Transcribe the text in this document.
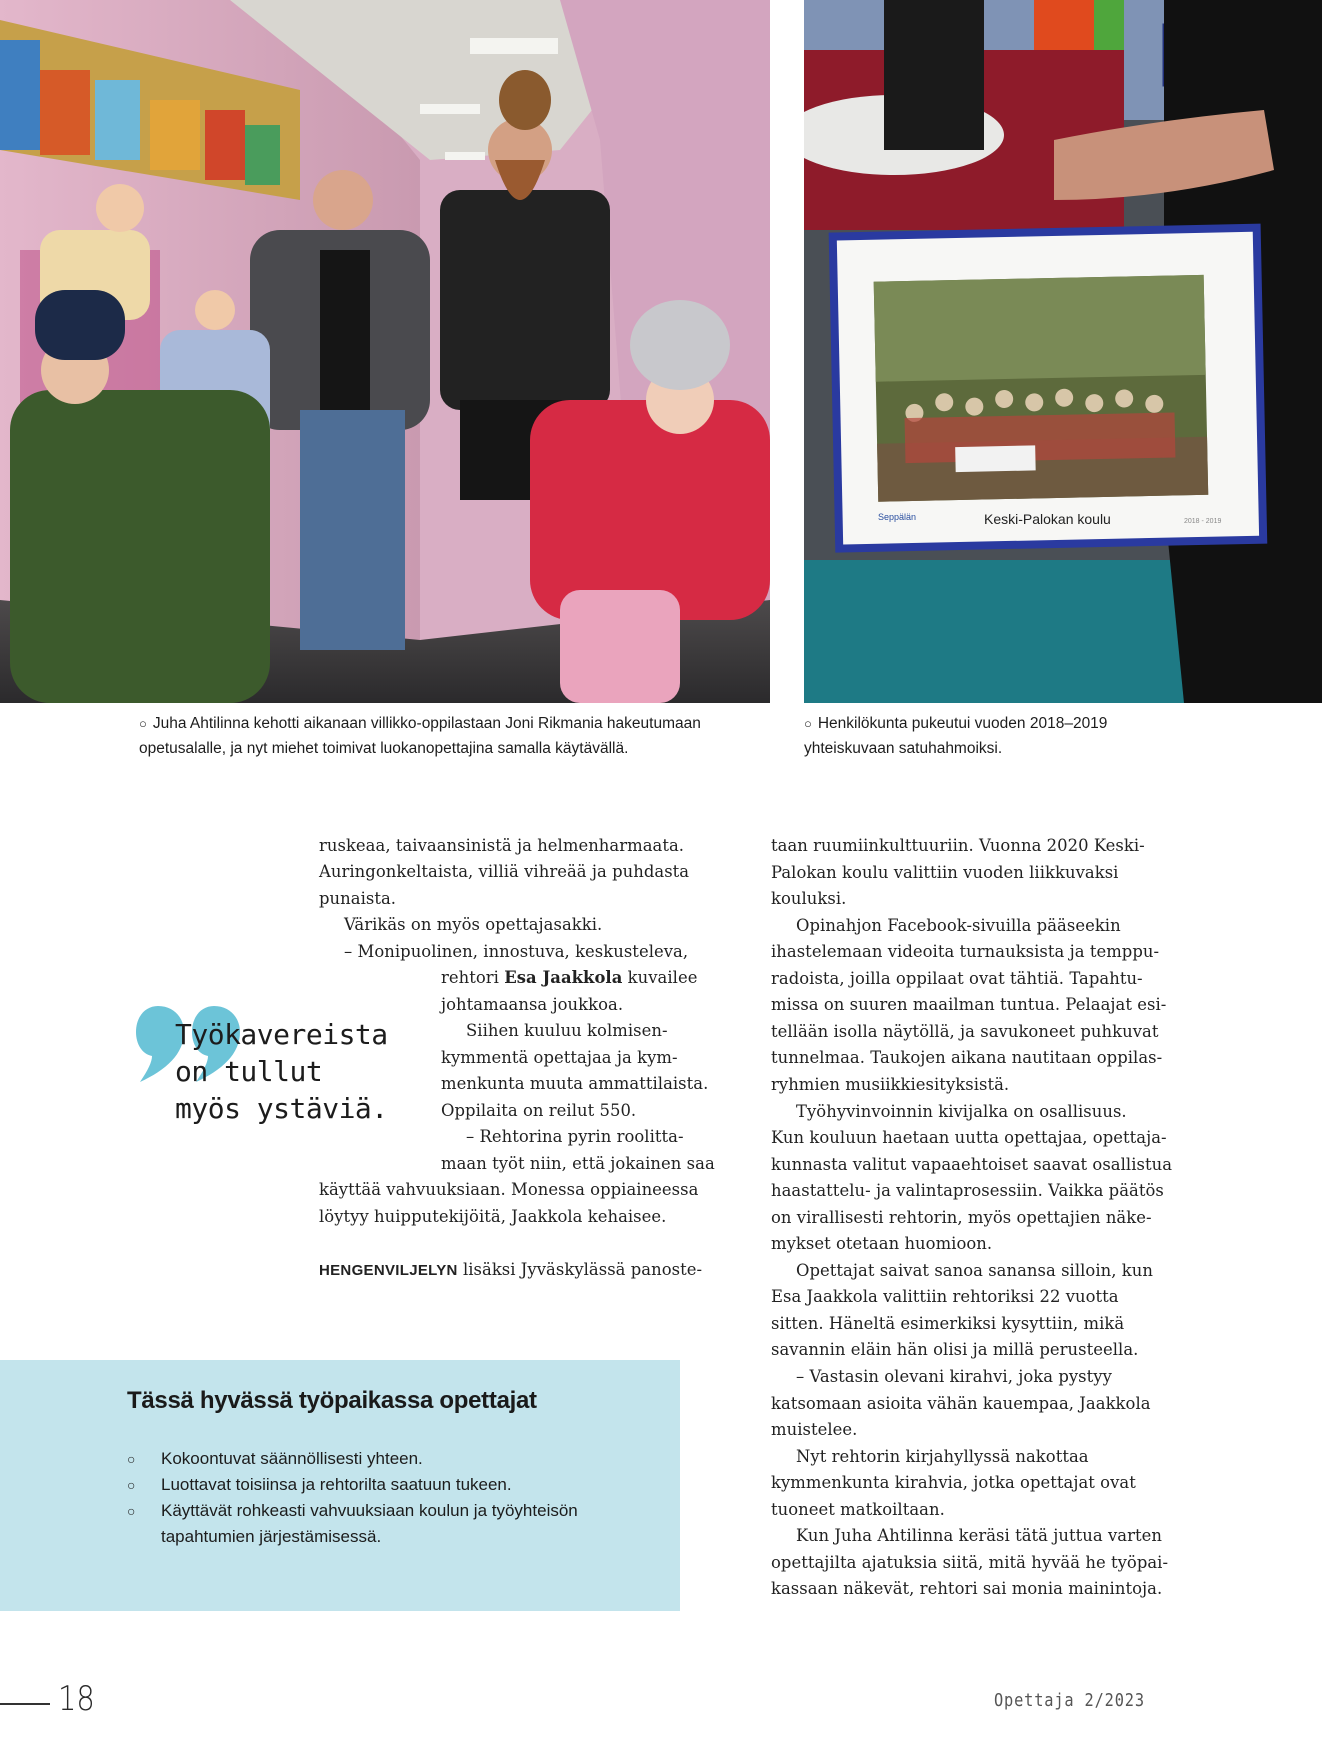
Seppälän	Keski-Palokan koulu	2018 - 2019
○ Juha Ahtilinna kehotti aikanaan villikko-oppilastaan Joni Rikmania hakeutumaan
opetusalalle, ja nyt miehet toimivat luokanopettajina samalla käytävällä.
○ Henkilökunta pukeutui vuoden 2018–2019
yhteiskuvaan satuhahmoiksi.
Työkavereista
on tullut
myös ystäviä.
ruskeaa, taivaansinistä ja helmenharmaata.
Auringonkeltaista, villiä vihreää ja puhdasta
punaista.
Värikäs on myös opettajasakki.
– Monipuolinen, innostuva, keskusteleva,
rehtori Esa Jaakkola kuvailee
johtamaansa joukkoa.
Siihen kuuluu kolmisen-
kymmentä opettajaa ja kym-
menkunta muuta ammattilaista.
Oppilaita on reilut 550.
– Rehtorina pyrin roolitta-
maan työt niin, että jokainen saa
käyttää vahvuuksiaan. Monessa oppiaineessa
löytyy huipputekijöitä, Jaakkola kehaisee.
HENGENVILJELYN lisäksi Jyväskylässä panoste-
taan ruumiinkulttuuriin. Vuonna 2020 Keski-
Palokan koulu valittiin vuoden liikkuvaksi
kouluksi.
Opinahjon Facebook-sivuilla pääseekin
ihastelemaan videoita turnauksista ja temppu-
radoista, joilla oppilaat ovat tähtiä. Tapahtu-
missa on suuren maailman tuntua. Pelaajat esi-
tellään isolla näytöllä, ja savukoneet puhkuvat
tunnelmaa. Taukojen aikana nautitaan oppilas-
ryhmien musiikkiesityksistä.
Työhyvinvoinnin kivijalka on osallisuus.
Kun kouluun haetaan uutta opettajaa, opettaja-
kunnasta valitut vapaaehtoiset saavat osallistua
haastattelu- ja valintaprosessiin. Vaikka päätös
on virallisesti rehtorin, myös opettajien näke-
mykset otetaan huomioon.
Opettajat saivat sanoa sanansa silloin, kun
Esa Jaakkola valittiin rehtoriksi 22 vuotta
sitten. Häneltä esimerkiksi kysyttiin, mikä
savannin eläin hän olisi ja millä perusteella.
– Vastasin olevani kirahvi, joka pystyy
katsomaan asioita vähän kauempaa, Jaakkola
muistelee.
Nyt rehtorin kirjahyllyssä nakottaa
kymmenkunta kirahvia, jotka opettajat ovat
tuoneet matkoiltaan.
Kun Juha Ahtilinna keräsi tätä juttua varten
opettajilta ajatuksia siitä, mitä hyvää he työpai-
kassaan näkevät, rehtori sai monia mainintoja.
Tässä hyvässä työpaikassa opettajat
○ Kokoontuvat säännöllisesti yhteen.
○ Luottavat toisiinsa ja rehtorilta saatuun tukeen.
○ Käyttävät rohkeasti vahvuuksiaan koulun ja työyhteisön tapahtumien järjestämisessä.
18	Opettaja 2/2023
